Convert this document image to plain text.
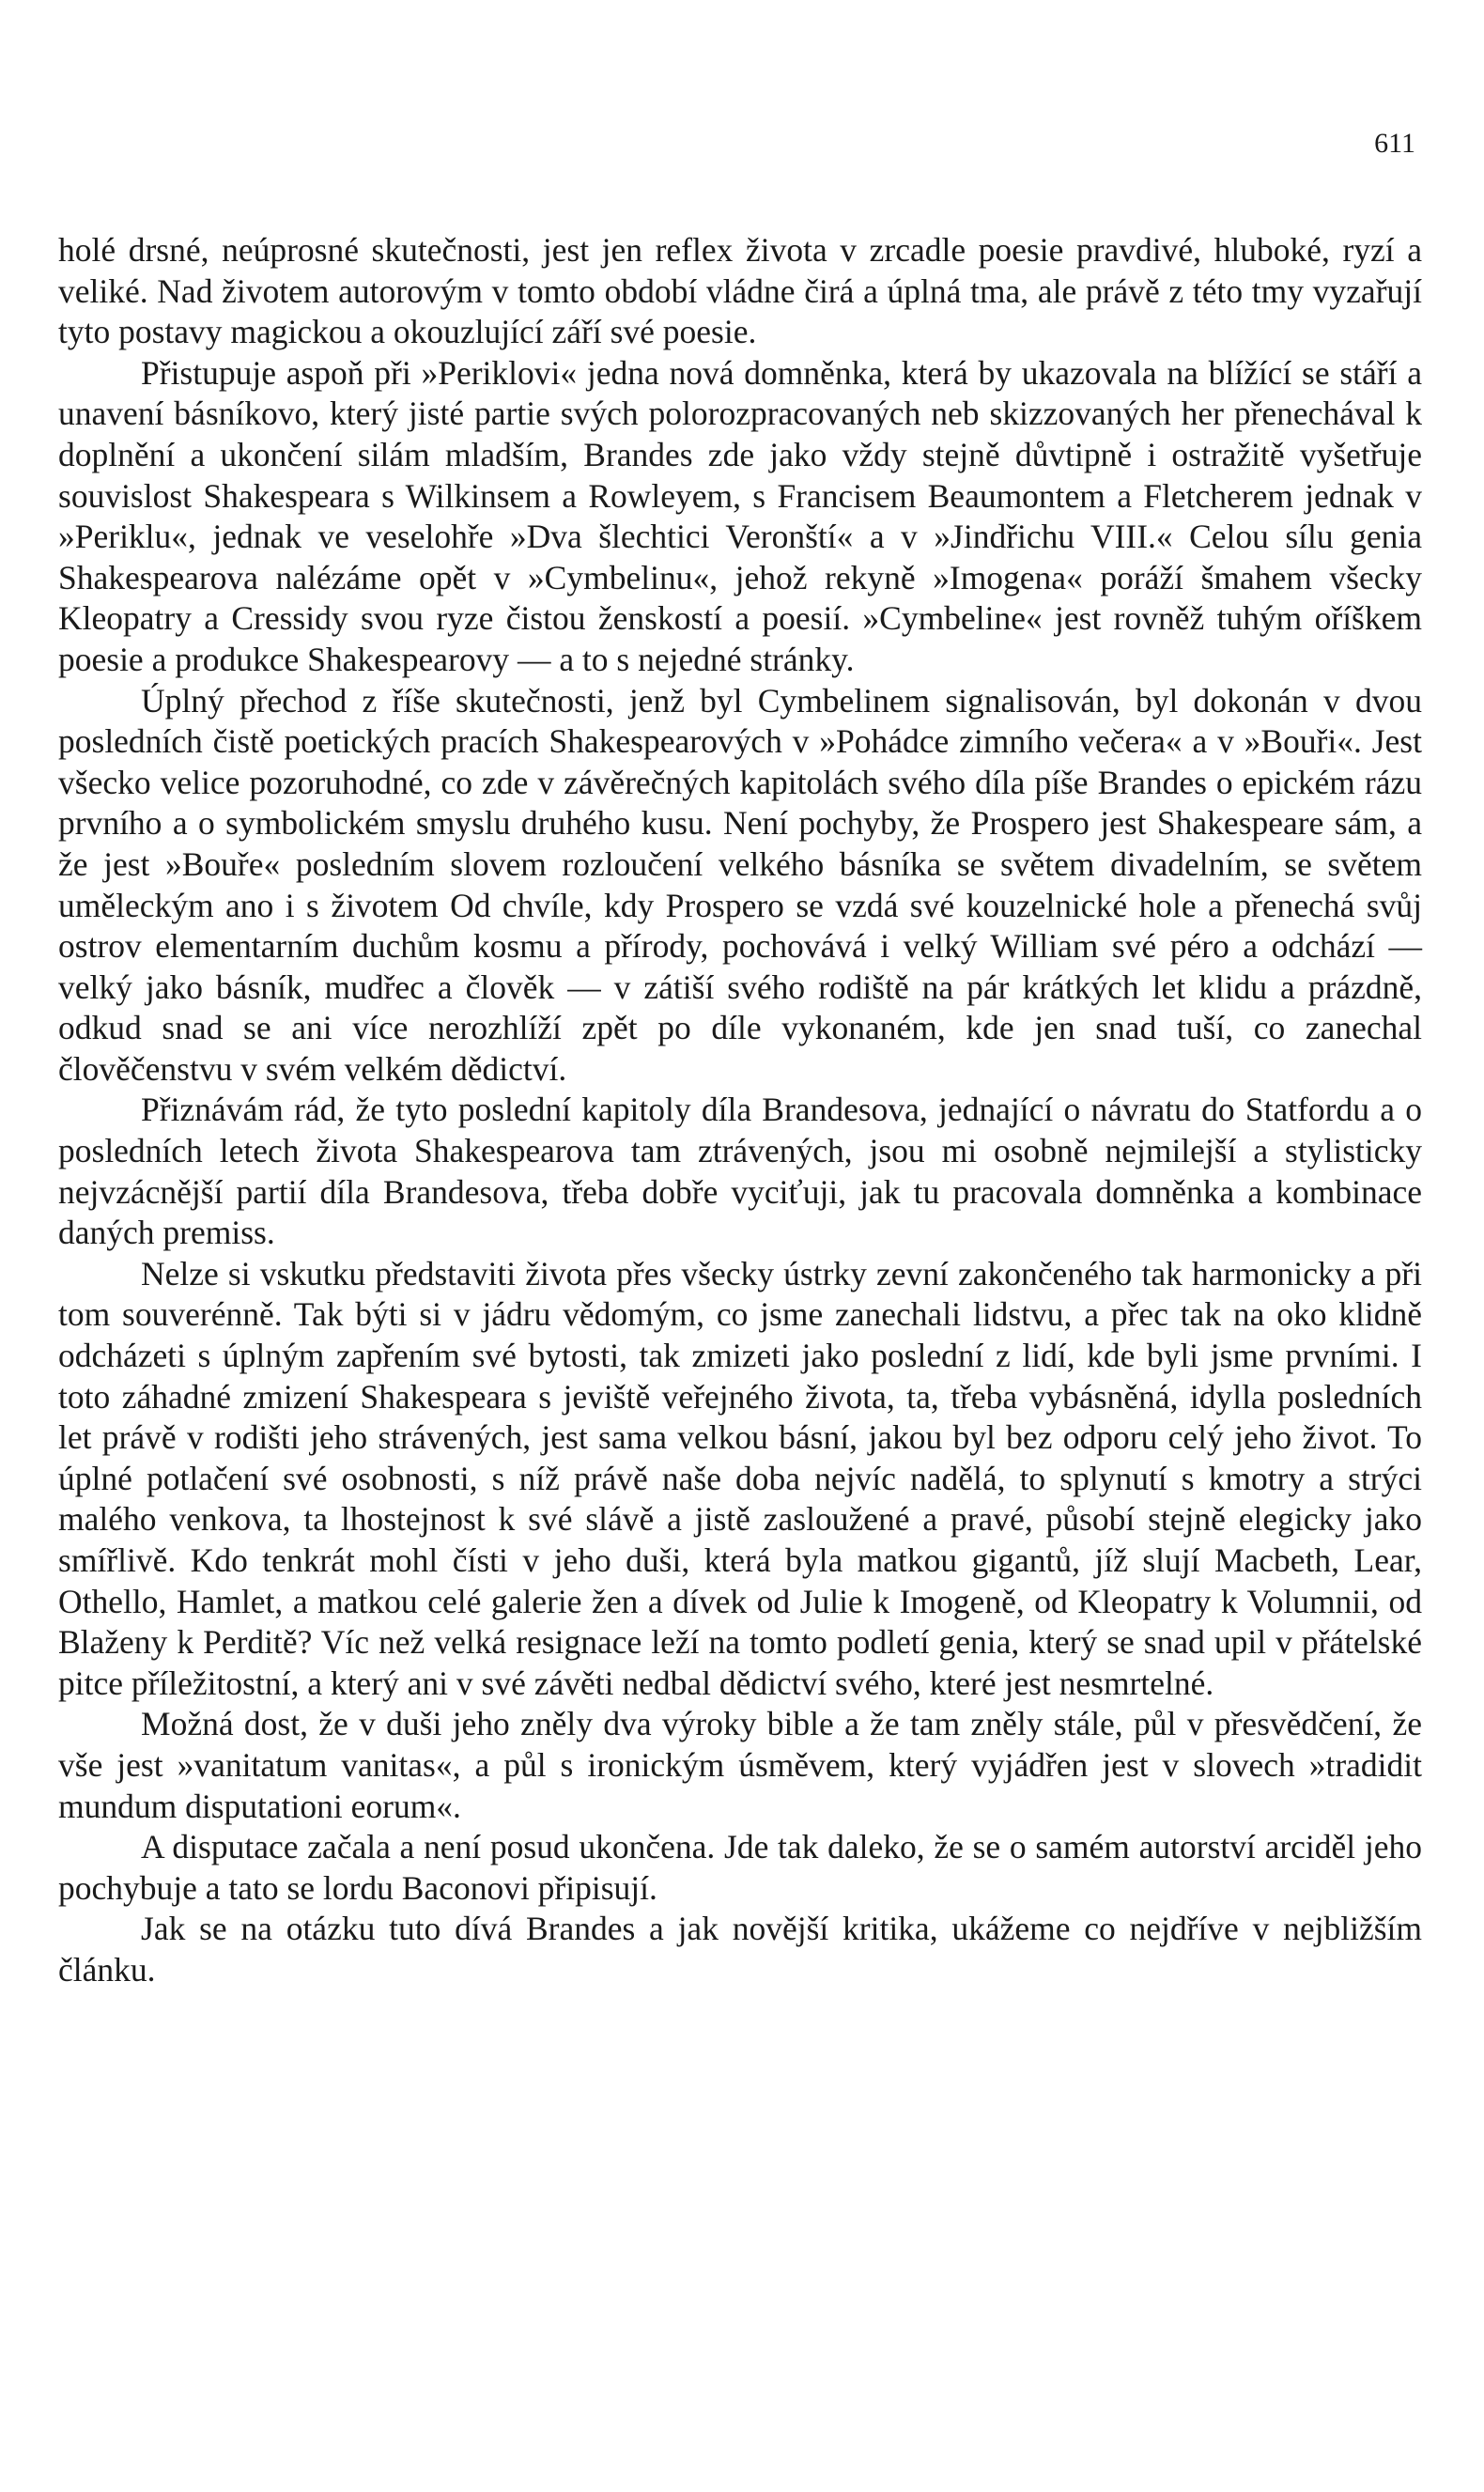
611

holé drsné, neúprosné skutečnosti, jest jen reflex života v zrcadle poesie pravdivé, hluboké, ryzí a veliké. Nad životem autorovým v tomto období vládne čirá a úplná tma, ale právě z této tmy vyzařují tyto postavy magickou a okouzlující září své poesie.

Přistupuje aspoň při »Periklovi« jedna nová domněnka, která by ukazovala na blížící se stáří a unavení básníkovo, který jisté partie svých polorozpracovaných neb skizzovaných her přenechával k doplnění a ukončení silám mladším, Brandes zde jako vždy stejně důvtipně i ostražitě vyšetřuje souvislost Shakespeara s Wilkinsem a Rowleyem, s Francisem Beaumontem a Fletcherem jednak v »Periklu«, jednak ve veselohře »Dva šlechtici Veronští« a v »Jindřichu VIII.« Celou sílu genia Shakespearova nalézáme opět v »Cymbelinu«, jehož rekyně »Imogena« poráží šmahem všecky Kleopatry a Cressidy svou ryze čistou ženskostí a poesií. »Cymbeline« jest rovněž tuhým oříškem poesie a produkce Shakespearovy — a to s nejedné stránky.

Úplný přechod z říše skutečnosti, jenž byl Cymbelinem signalisován, byl dokonán v dvou posledních čistě poetických pracích Shakespearových v »Pohádce zimního večera« a v »Bouři«. Jest všecko velice pozoruhodné, co zde v závěrečných kapitolách svého díla píše Brandes o epickém rázu prvního a o symbolickém smyslu druhého kusu. Není pochyby, že Prospero jest Shakespeare sám, a že jest »Bouře« posledním slovem rozloučení velkého básníka se světem divadelním, se světem uměleckým ano i s životem Od chvíle, kdy Prospero se vzdá své kouzelnické hole a přenechá svůj ostrov elementarním duchům kosmu a přírody, pochovává i velký William své péro a odchází — velký jako básník, mudřec a člověk — v zátiší svého rodiště na pár krátkých let klidu a prázdně, odkud snad se ani více nerozhlíží zpět po díle vykonaném, kde jen snad tuší, co zanechal člověčenstvu v svém velkém dědictví.

Přiznávám rád, že tyto poslední kapitoly díla Brandesova, jednající o návratu do Statfordu a o posledních letech života Shakespearova tam ztrávených, jsou mi osobně nejmilejší a stylisticky nejvzácnější partií díla Brandesova, třeba dobře vyciťuji, jak tu pracovala domněnka a kombinace daných premiss.

Nelze si vskutku představiti života přes všecky ústrky zevní zakončeného tak harmonicky a při tom souverénně. Tak býti si v jádru vědomým, co jsme zanechali lidstvu, a přec tak na oko klidně odcházeti s úplným zapřením své bytosti, tak zmizeti jako poslední z lidí, kde byli jsme prvními. I toto záhadné zmizení Shakespeara s jeviště veřejného života, ta, třeba vybásněná, idylla posledních let právě v rodišti jeho strávených, jest sama velkou básní, jakou byl bez odporu celý jeho život. To úplné potlačení své osobnosti, s níž právě naše doba nejvíc nadělá, to splynutí s kmotry a strýci malého venkova, ta lhostejnost k své slávě a jistě zasloužené a pravé, působí stejně elegicky jako smířlivě. Kdo tenkrát mohl čísti v jeho duši, která byla matkou gigantů, jíž slují Macbeth, Lear, Othello, Hamlet, a matkou celé galerie žen a dívek od Julie k Imogeně, od Kleopatry k Volumnii, od Blaženy k Perditě? Víc než velká resignace leží na tomto podletí genia, který se snad upil v přátelské pitce příležitostní, a který ani v své závěti nedbal dědictví svého, které jest nesmrtelné.

Možná dost, že v duši jeho zněly dva výroky bible a že tam zněly stále, půl v přesvědčení, že vše jest »vanitatum vanitas«, a půl s ironickým úsměvem, který vyjádřen jest v slovech »tradidit mundum disputationi eorum«.

A disputace začala a není posud ukončena. Jde tak daleko, že se o samém autorství arciděl jeho pochybuje a tato se lordu Baconovi připisují.

Jak se na otázku tuto dívá Brandes a jak novější kritika, ukážeme co nejdříve v nejbližším článku.
